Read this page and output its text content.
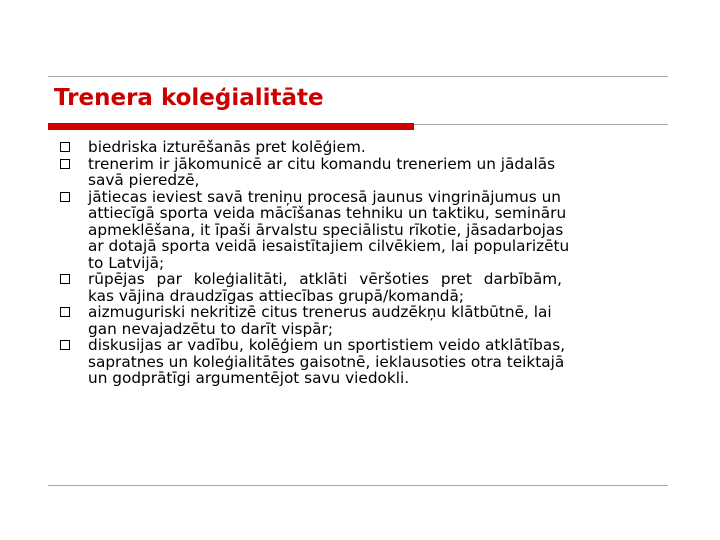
Trenera koleģialitāte
biedriska izturēšanās pret kolēģiem.
trenerim ir jākomunicē ar citu komandu treneriem un jādalās
savā pieredzē,
jātiecas ieviest savā treniņu procesā jaunus vingrinājumus un
attiecīgā sporta veida mācīšanas tehniku un taktiku, semināru
apmeklēšana, it īpaši ārvalstu speciālistu rīkotie, jāsadarbojas
ar dotajā sporta veidā iesaistītajiem cilvēkiem, lai popularizētu
to Latvijā;
rūpējas par koleģialitāti, atklāti vēršoties pret darbībām,
kas vājina draudzīgas attiecības grupā/komandā;
aizmuguriski nekritizē citus trenerus audzēkņu klātbūtnē, lai
gan nevajadzētu to darīt vispār;
diskusijas ar vadību, kolēģiem un sportistiem veido atklātības,
sapratnes un koleģialitātes gaisotnē, ieklausoties otra teiktajā
un godprātīgi argumentējot savu viedokli.
